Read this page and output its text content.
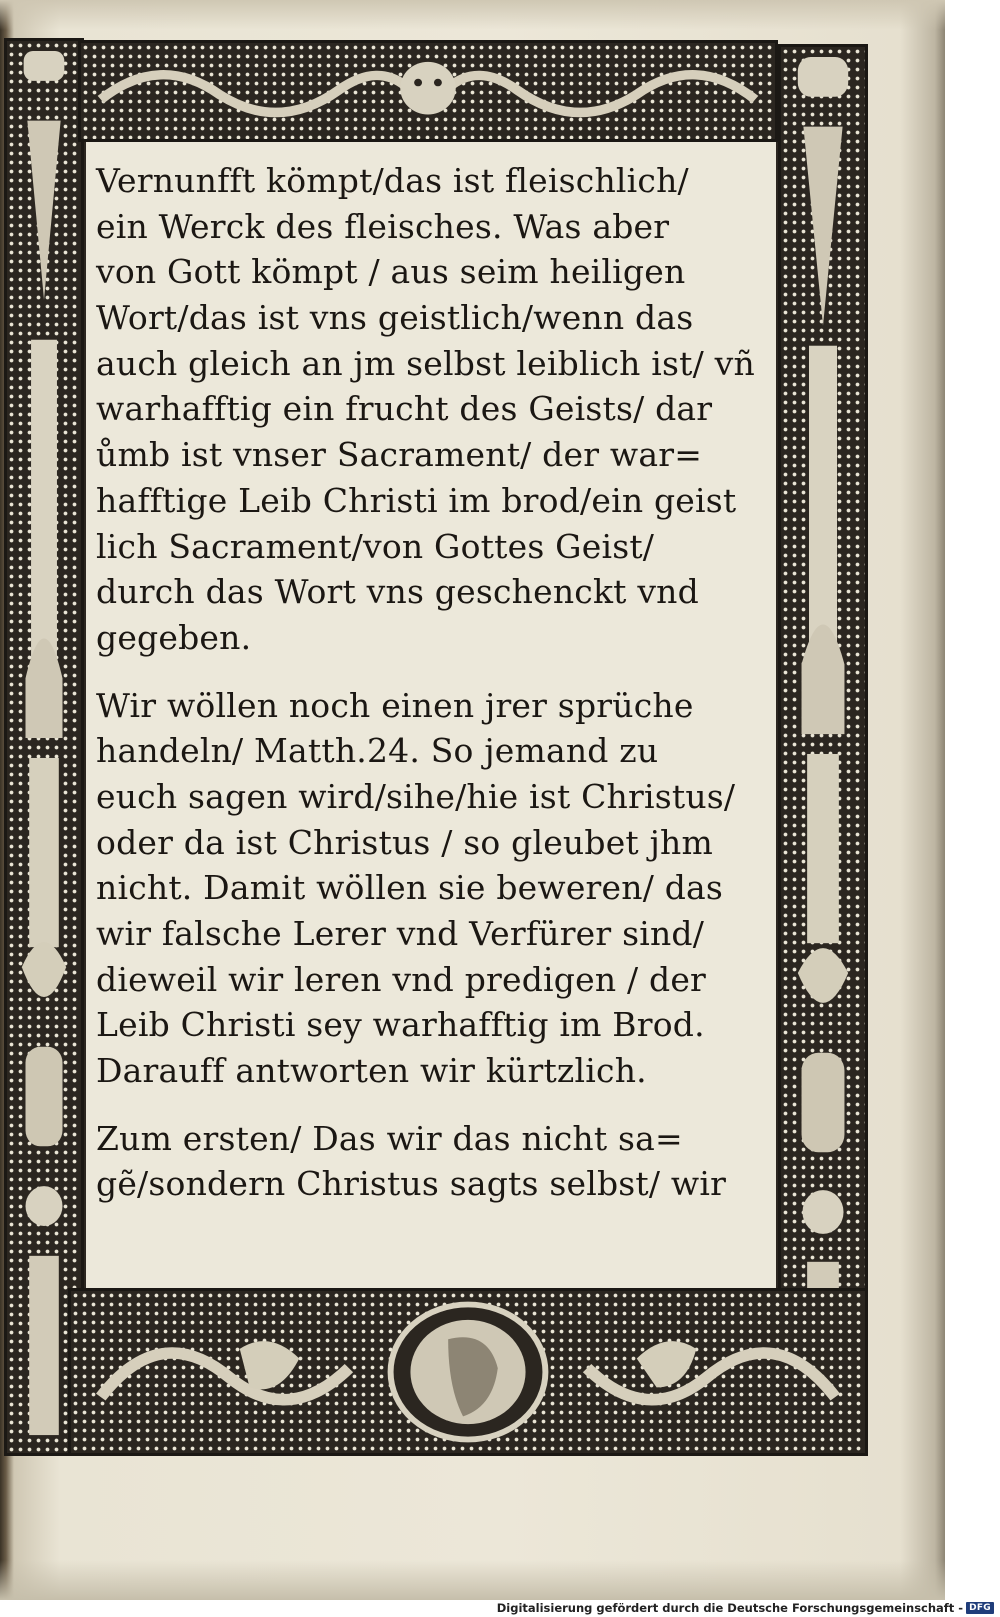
Vernunfft kömpt/das ist fleischlich/
ein Werck des fleisches. Was aber
von Gott kömpt / aus seim heiligen
Wort/das ist vns geistlich/wenn das
auch gleich an jm selbst leiblich ist/ vñ
warhafftig ein frucht des Geists/ dar
ůmb ist vnser Sacrament/ der war=
hafftige Leib Christi im brod/ein geist
lich Sacrament/von Gottes Geist/
durch das Wort vns geschenckt vnd
gegeben.
Wir wöllen noch einen jrer sprüche
handeln/ Matth.24. So jemand zu
euch sagen wird/sihe/hie ist Christus/
oder da ist Christus / so gleubet jhm
nicht. Damit wöllen sie beweren/ das
wir falsche Lerer vnd Verfürer sind/
dieweil wir leren vnd predigen / der
Leib Christi sey warhafftig im Brod.
Darauff antworten wir kürtzlich.
Zum ersten/ Das wir das nicht sa=
gẽ/sondern Christus sagts selbst/ wir
Digitalisierung gefördert durch die Deutsche Forschungsgemeinschaft - DFG
